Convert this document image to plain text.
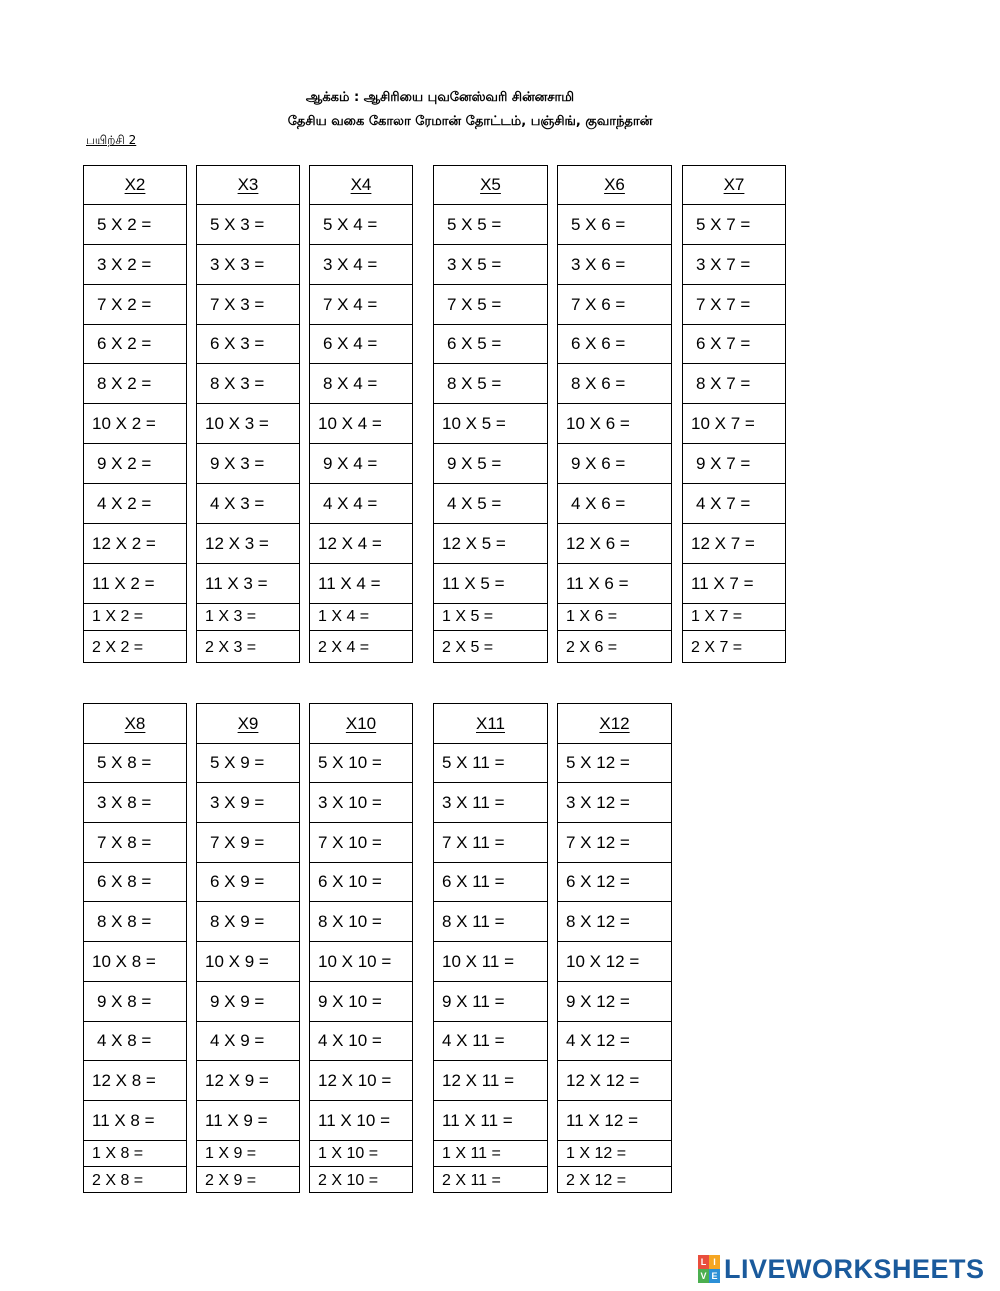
ஆக்கம் : ஆசிரியை புவனேஸ்வரி சின்னசாமி
தேசிய வகை கோலா ரேமான் தோட்டம், பஞ்சிங், குவாந்தான்
பயிற்சி 2
X2
5 X 2 =
3 X 2 =
7 X 2 =
6 X 2 =
8 X 2 =
10 X 2 =
9 X 2 =
4 X 2 =
12 X 2 =
11 X 2 =
1 X 2 =
2 X 2 =
X3
5 X 3 =
3 X 3 =
7 X 3 =
6 X 3 =
8 X 3 =
10 X 3 =
9 X 3 =
4 X 3 =
12 X 3 =
11 X 3 =
1 X 3 =
2 X 3 =
X4
5 X 4 =
3 X 4 =
7 X 4 =
6 X 4 =
8 X 4 =
10 X 4 =
9 X 4 =
4 X 4 =
12 X 4 =
11 X 4 =
1 X 4 =
2 X 4 =
X5
5 X 5 =
3 X 5 =
7 X 5 =
6 X 5 =
8 X 5 =
10 X 5 =
9 X 5 =
4 X 5 =
12 X 5 =
11 X 5 =
1 X 5 =
2 X 5 =
X6
5 X 6 =
3 X 6 =
7 X 6 =
6 X 6 =
8 X 6 =
10 X 6 =
9 X 6 =
4 X 6 =
12 X 6 =
11 X 6 =
1 X 6 =
2 X 6 =
X7
5 X 7 =
3 X 7 =
7 X 7 =
6 X 7 =
8 X 7 =
10 X 7 =
9 X 7 =
4 X 7 =
12 X 7 =
11 X 7 =
1 X 7 =
2 X 7 =
X8
5 X 8 =
3 X 8 =
7 X 8 =
6 X 8 =
8 X 8 =
10 X 8 =
9 X 8 =
4 X 8 =
12 X 8 =
11 X 8 =
1 X 8 =
2 X 8 =
X9
5 X 9 =
3 X 9 =
7 X 9 =
6 X 9 =
8 X 9 =
10 X 9 =
9 X 9 =
4 X 9 =
12 X 9 =
11 X 9 =
1 X 9 =
2 X 9 =
X10
5 X 10 =
3 X 10 =
7 X 10 =
6 X 10 =
8 X 10 =
10 X 10 =
9 X 10 =
4 X 10 =
12 X 10 =
11 X 10 =
1 X 10 =
2 X 10 =
X11
5 X 11 =
3 X 11 =
7 X 11 =
6 X 11 =
8 X 11 =
10 X 11 =
9 X 11 =
4 X 11 =
12 X 11 =
11 X 11 =
1 X 11 =
2 X 11 =
X12
5 X 12 =
3 X 12 =
7 X 12 =
6 X 12 =
8 X 12 =
10 X 12 =
9 X 12 =
4 X 12 =
12 X 12 =
11 X 12 =
1 X 12 =
2 X 12 =
L I
V E LIVEWORKSHEETS
